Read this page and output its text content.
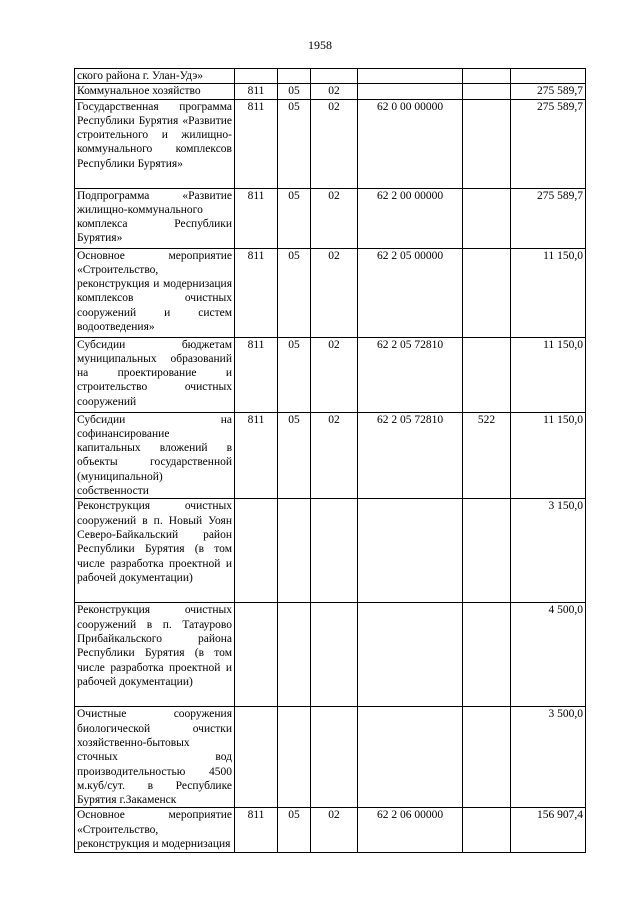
1958
ского района г. Улан-Удэ»						
Коммунальное хозяйство	811	05	02			275 589,7
Государственная программа Республики Бурятия «Развитие строительного и жилищно-коммунального комплексов Республики Бурятия»	811	05	02	62 0 00 00000		275 589,7
Подпрограмма «Развитие жилищно-коммунального комплекса Республики Бурятия»	811	05	02	62 2 00 00000		275 589,7
Основное мероприятие «Строительство, реконструкция и модернизация комплексов очистных сооружений и систем водоотведения»	811	05	02	62 2 05 00000		11 150,0
Субсидии бюджетам муниципальных образований на проектирование и строительство очистных сооружений	811	05	02	62 2 05 72810		11 150,0
Субсидии на софинансирование капитальных вложений в объекты государственной (муниципальной) собственности	811	05	02	62 2 05 72810	522	11 150,0
Реконструкция очистных сооружений в п. Новый Уоян Северо-Байкальский район Республики Бурятия (в том числе разработка проектной и рабочей документации)						3 150,0
Реконструкция очистных сооружений в п. Татаурово Прибайкальского района Республики Бурятия (в том числе разработка проектной и рабочей документации)						4 500,0
Очистные сооружения биологической очистки хозяйственно-бытовых сточных вод производительностью 4500 м.куб/сут. в Республике Бурятия г.Закаменск						3 500,0
Основное мероприятие «Строительство, реконструкция и модернизация	811	05	02	62 2 06 00000		156 907,4
